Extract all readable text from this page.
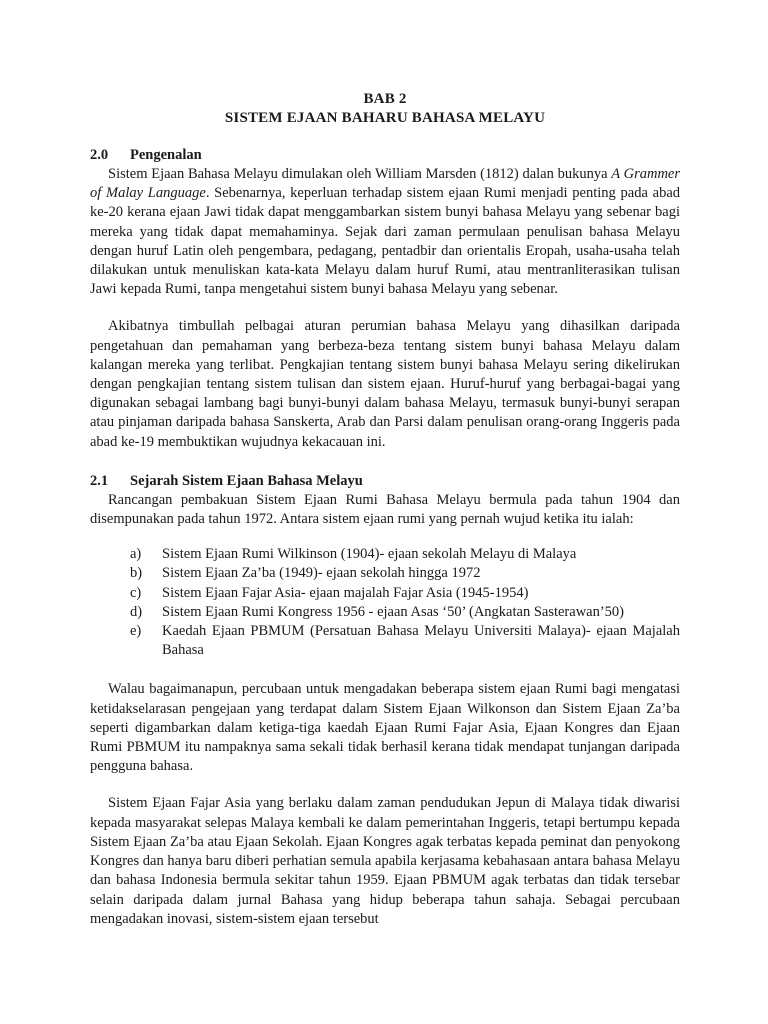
BAB 2
SISTEM EJAAN BAHARU BAHASA MELAYU
2.0 Pengenalan

Sistem Ejaan Bahasa Melayu dimulakan oleh William Marsden (1812) dalan bukunya A Grammer of Malay Language. Sebenarnya, keperluan terhadap sistem ejaan Rumi menjadi penting pada abad ke-20 kerana ejaan Jawi tidak dapat menggambarkan sistem bunyi bahasa Melayu yang sebenar bagi mereka yang tidak dapat memahaminya. Sejak dari zaman permulaan penulisan bahasa Melayu dengan huruf Latin oleh pengembara, pedagang, pentadbir dan orientalis Eropah, usaha-usaha telah dilakukan untuk menuliskan kata-kata Melayu dalam huruf Rumi, atau mentranliterasikan tulisan Jawi kepada Rumi, tanpa mengetahui sistem bunyi bahasa Melayu yang sebenar.

Akibatnya timbullah pelbagai aturan perumian bahasa Melayu yang dihasilkan daripada pengetahuan dan pemahaman yang berbeza-beza tentang sistem bunyi bahasa Melayu dalam kalangan mereka yang terlibat. Pengkajian tentang sistem bunyi bahasa Melayu sering dikelirukan dengan pengkajian tentang sistem tulisan dan sistem ejaan. Huruf-huruf yang berbagai-bagai yang digunakan sebagai lambang bagi bunyi-bunyi dalam bahasa Melayu, termasuk bunyi-bunyi serapan atau pinjaman daripada bahasa Sanskerta, Arab dan Parsi dalam penulisan orang-orang Inggeris pada abad ke-19 membuktikan wujudnya kekacauan ini.

2.1 Sejarah Sistem Ejaan Bahasa Melayu

Rancangan pembakuan Sistem Ejaan Rumi Bahasa Melayu bermula pada tahun 1904 dan disempunakan pada tahun 1972. Antara sistem ejaan rumi yang pernah wujud ketika itu ialah:

a)	Sistem Ejaan Rumi Wilkinson (1904)- ejaan sekolah Melayu di Malaya
b)	Sistem Ejaan Za’ba (1949)- ejaan sekolah hingga 1972
c)	Sistem Ejaan Fajar Asia- ejaan majalah Fajar Asia (1945-1954)
d)	Sistem Ejaan Rumi Kongress 1956 - ejaan Asas ‘50’ (Angkatan Sasterawan’50)
e)	Kaedah Ejaan PBMUM (Persatuan Bahasa Melayu Universiti Malaya)- ejaan Majalah Bahasa

Walau bagaimanapun, percubaan untuk mengadakan beberapa sistem ejaan Rumi bagi mengatasi ketidakselarasan pengejaan yang terdapat dalam Sistem Ejaan Wilkonson dan Sistem Ejaan Za’ba seperti digambarkan dalam ketiga-tiga kaedah Ejaan Rumi Fajar Asia, Ejaan Kongres dan Ejaan Rumi PBMUM itu nampaknya sama sekali tidak berhasil kerana tidak mendapat tunjangan daripada pengguna bahasa.

Sistem Ejaan Fajar Asia yang berlaku dalam zaman pendudukan Jepun di Malaya tidak diwarisi kepada masyarakat selepas Malaya kembali ke dalam pemerintahan Inggeris, tetapi bertumpu kepada Sistem Ejaan Za’ba atau Ejaan Sekolah. Ejaan Kongres agak terbatas kepada peminat dan penyokong Kongres dan hanya baru diberi perhatian semula apabila kerjasama kebahasaan antara bahasa Melayu dan bahasa Indonesia bermula sekitar tahun 1959. Ejaan PBMUM agak terbatas dan tidak tersebar selain daripada dalam jurnal Bahasa yang hidup beberapa tahun sahaja. Sebagai percubaan mengadakan inovasi, sistem-sistem ejaan tersebut
